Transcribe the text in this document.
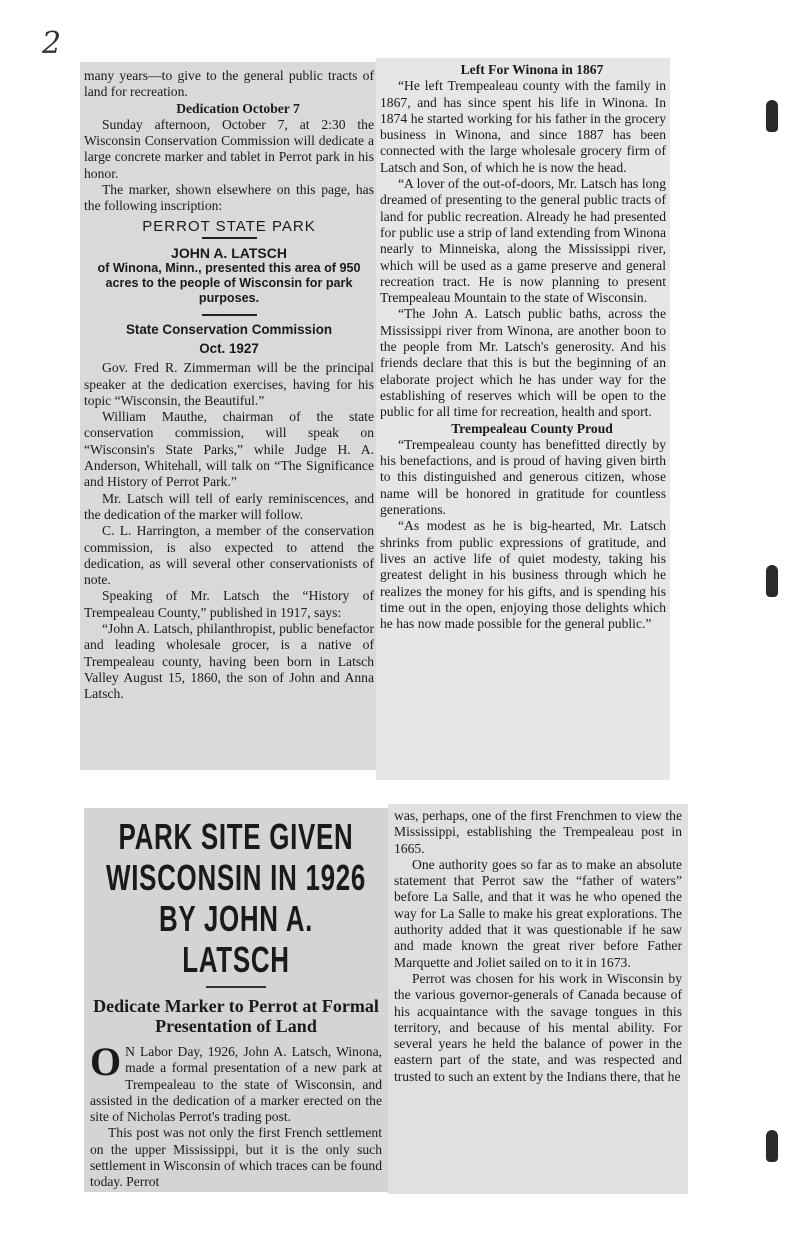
2

many years—to give to the general public tracts of land for recreation.

Dedication October 7

Sunday afternoon, October 7, at 2:30 the Wisconsin Conservation Commission will dedicate a large concrete marker and tablet in Perrot park in his honor.

The marker, shown elsewhere on this page, has the following inscription:

PERROT STATE PARK
JOHN A. LATSCH
of Winona, Minn., presented this area of 950 acres to the people of Wisconsin for park purposes.
State Conservation Commission
Oct. 1927

Gov. Fred R. Zimmerman will be the principal speaker at the dedication exercises, having for his topic “Wisconsin, the Beautiful.”

William Mauthe, chairman of the state conservation commission, will speak on “Wisconsin's State Parks,” while Judge H. A. Anderson, Whitehall, will talk on “The Significance and History of Perrot Park.”

Mr. Latsch will tell of early reminiscences, and the dedication of the marker will follow.

C. L. Harrington, a member of the conservation commission, is also expected to attend the dedication, as will several other conservationists of note.

Speaking of Mr. Latsch the “History of Trempealeau County,” published in 1917, says:

“John A. Latsch, philanthropist, public benefactor and leading wholesale grocer, is a native of Trempealeau county, having been born in Latsch Valley August 15, 1860, the son of John and Anna Latsch.

Left For Winona in 1867

“He left Trempealeau county with the family in 1867, and has since spent his life in Winona. In 1874 he started working for his father in the grocery business in Winona, and since 1887 has been connected with the large wholesale grocery firm of Latsch and Son, of which he is now the head.

“A lover of the out-of-doors, Mr. Latsch has long dreamed of presenting to the general public tracts of land for public recreation. Already he had presented for public use a strip of land extending from Winona nearly to Minneiska, along the Mississippi river, which will be used as a game preserve and general recreation tract. He is now planning to present Trempealeau Mountain to the state of Wisconsin.

“The John A. Latsch public baths, across the Mississippi river from Winona, are another boon to the people from Mr. Latsch's generosity. And his friends declare that this is but the beginning of an elaborate project which he has under way for the establishing of reserves which will be open to the public for all time for recreation, health and sport.

Trempealeau County Proud

“Trempealeau county has benefitted directly by his benefactions, and is proud of having given birth to this distinguished and generous citizen, whose name will be honored in gratitude for countless generations.

“As modest as he is big-hearted, Mr. Latsch shrinks from public expressions of gratitude, and lives an active life of quiet modesty, taking his greatest delight in his business through which he realizes the money for his gifts, and is spending his time out in the open, enjoying those delights which he has now made possible for the general public.”

PARK SITE GIVEN WISCONSIN IN 1926 BY JOHN A. LATSCH
Dedicate Marker to Perrot at Formal Presentation of Land

O N Labor Day, 1926, John A. Latsch, Winona, made a formal presentation of a new park at Trempealeau to the state of Wisconsin, and assisted in the dedication of a marker erected on the site of Nicholas Perrot's trading post.

This post was not only the first French settlement on the upper Mississippi, but it is the only such settlement in Wisconsin of which traces can be found today. Perrot

was, perhaps, one of the first Frenchmen to view the Mississippi, establishing the Trempealeau post in 1665.

One authority goes so far as to make an absolute statement that Perrot saw the “father of waters” before La Salle, and that it was he who opened the way for La Salle to make his great explorations. The authority added that it was questionable if he saw and made known the great river before Father Marquette and Joliet sailed on to it in 1673.

Perrot was chosen for his work in Wisconsin by the various governor-generals of Canada because of his acquaintance with the savage tongues in this territory, and because of his mental ability. For several years he held the balance of power in the eastern part of the state, and was respected and trusted to such an extent by the Indians there, that he
